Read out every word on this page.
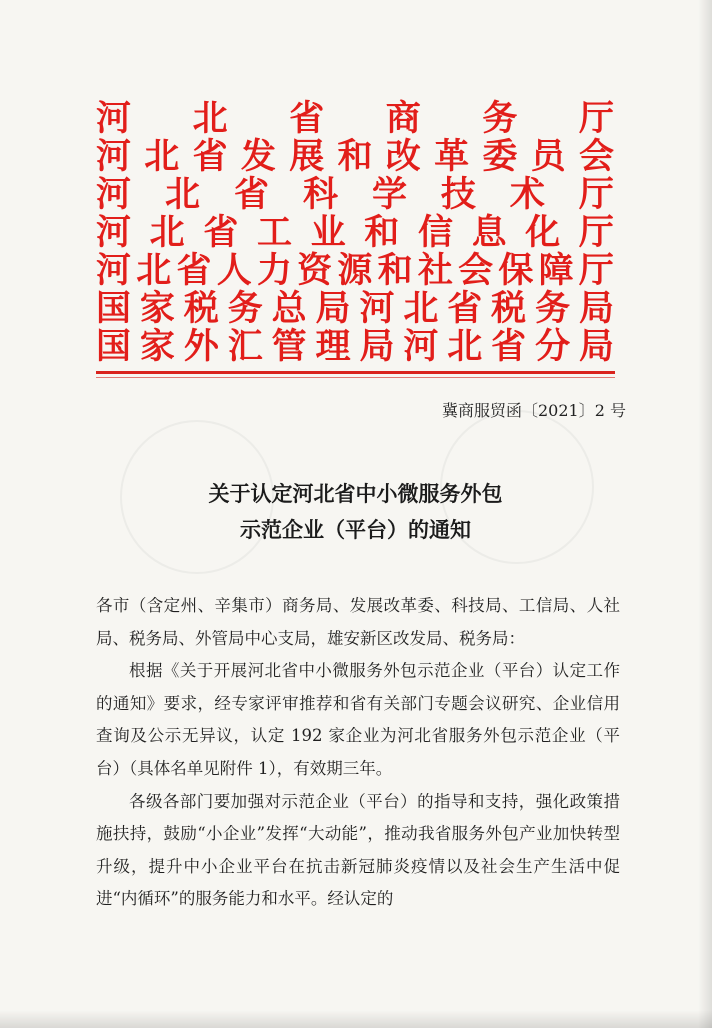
河 北 省 商 务 厅
河 北 省 发 展 和 改 革 委 员 会
河 北 省 科 学 技 术 厅
河 北 省 工 业 和 信 息 化 厅
河 北 省 人 力 资 源 和 社 会 保 障 厅
国 家 税 务 总 局 河 北 省 税 务 局
国 家 外 汇 管 理 局 河 北 省 分 局
冀商服贸函〔2021〕2 号
关于认定河北省中小微服务外包
示范企业（平台）的通知

各市（含定州、辛集市）商务局、发展改革委、科技局、工信局、人社局、税务局、外管局中心支局，雄安新区改发局、税务局：

根据《关于开展河北省中小微服务外包示范企业（平台）认定工作的通知》要求，经专家评审推荐和省有关部门专题会议研究、企业信用查询及公示无异议，认定 192 家企业为河北省服务外包示范企业（平台）（具体名单见附件 1），有效期三年。

各级各部门要加强对示范企业（平台）的指导和支持，强化政策措施扶持，鼓励“小企业”发挥“大动能”，推动我省服务外包产业加快转型升级，提升中小企业平台在抗击新冠肺炎疫情以及社会生产生活中促进“内循环”的服务能力和水平。经认定的
